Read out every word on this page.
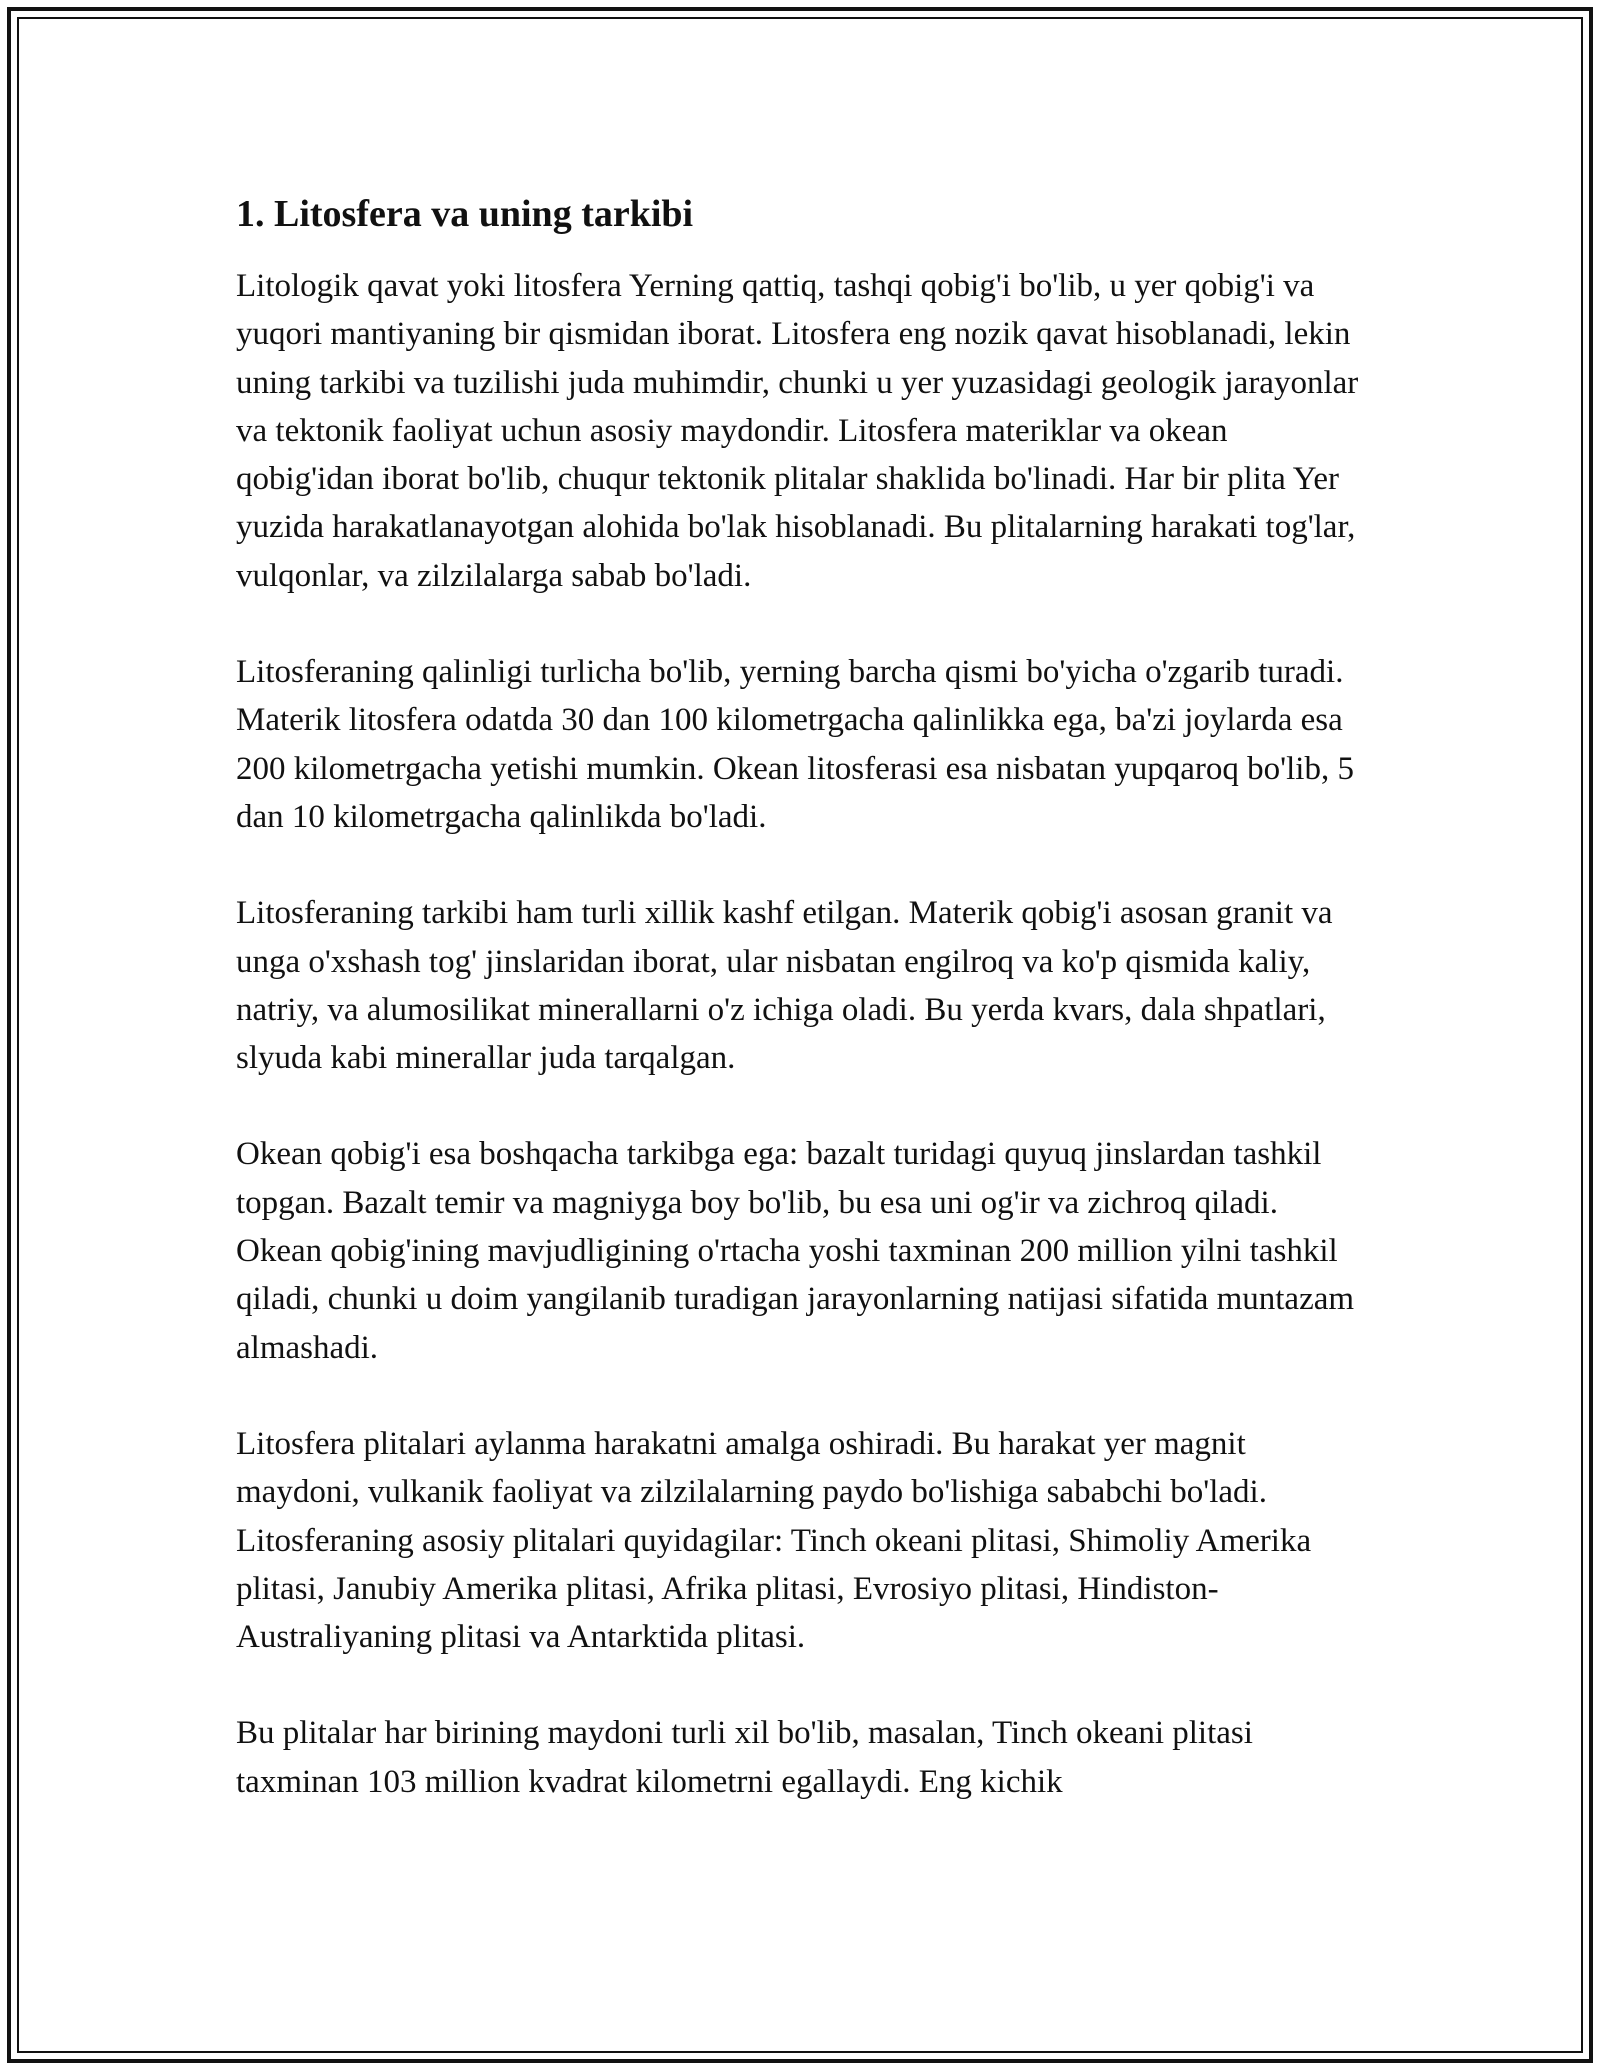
1. Litosfera va uning tarkibi

Litologik qavat yoki litosfera Yerning qattiq, tashqi qobig'i bo'lib, u yer qobig'i va yuqori mantiyaning bir qismidan iborat. Litosfera eng nozik qavat hisoblanadi, lekin uning tarkibi va tuzilishi juda muhimdir, chunki u yer yuzasidagi geologik jarayonlar va tektonik faoliyat uchun asosiy maydondir. Litosfera materiklar va okean qobig'idan iborat bo'lib, chuqur tektonik plitalar shaklida bo'linadi. Har bir plita Yer yuzida harakatlanayotgan alohida bo'lak hisoblanadi. Bu plitalarning harakati tog'lar, vulqonlar, va zilzilalarga sabab bo'ladi.

Litosferaning qalinligi turlicha bo'lib, yerning barcha qismi bo'yicha o'zgarib turadi. Materik litosfera odatda 30 dan 100 kilometrgacha qalinlikka ega, ba'zi joylarda esa 200 kilometrgacha yetishi mumkin. Okean litosferasi esa nisbatan yupqaroq bo'lib, 5 dan 10 kilometrgacha qalinlikda bo'ladi.

Litosferaning tarkibi ham turli xillik kashf etilgan. Materik qobig'i asosan granit va unga o'xshash tog' jinslaridan iborat, ular nisbatan engilroq va ko'p qismida kaliy, natriy, va alumosilikat minerallarni o'z ichiga oladi. Bu yerda kvars, dala shpatlari, slyuda kabi minerallar juda tarqalgan.

Okean qobig'i esa boshqacha tarkibga ega: bazalt turidagi quyuq jinslardan tashkil topgan. Bazalt temir va magniyga boy bo'lib, bu esa uni og'ir va zichroq qiladi. Okean qobig'ining mavjudligining o'rtacha yoshi taxminan 200 million yilni tashkil qiladi, chunki u doim yangilanib turadigan jarayonlarning natijasi sifatida muntazam almashadi.

Litosfera plitalari aylanma harakatni amalga oshiradi. Bu harakat yer magnit maydoni, vulkanik faoliyat va zilzilalarning paydo bo'lishiga sababchi bo'ladi. Litosferaning asosiy plitalari quyidagilar: Tinch okeani plitasi, Shimoliy Amerika plitasi, Janubiy Amerika plitasi, Afrika plitasi, Evrosiyo plitasi, Hindiston-Australiyaning plitasi va Antarktida plitasi.

Bu plitalar har birining maydoni turli xil bo'lib, masalan, Tinch okeani plitasi taxminan 103 million kvadrat kilometrni egallaydi. Eng kichik
